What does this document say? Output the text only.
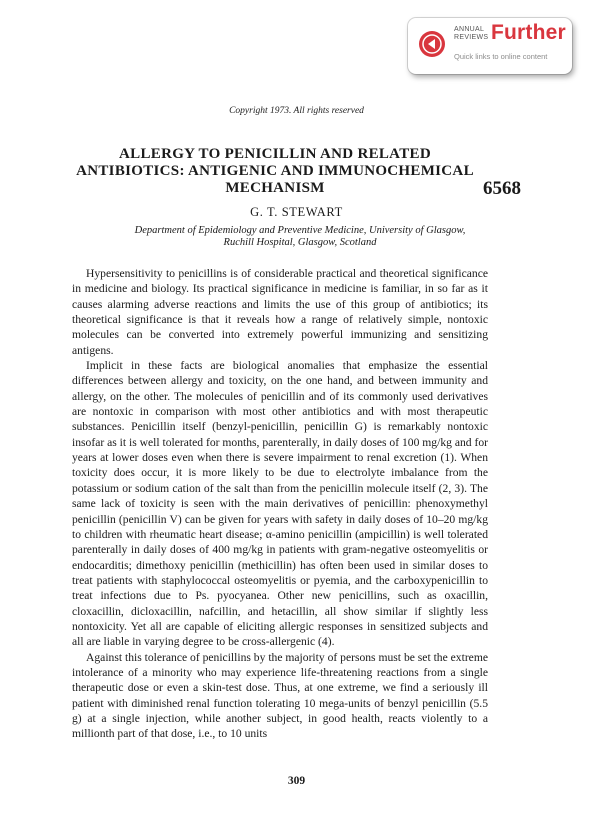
ANNUAL
REVIEWS Further
Quick links to online content
Copyright 1973. All rights reserved
ALLERGY TO PENICILLIN AND RELATED
ANTIBIOTICS: ANTIGENIC AND IMMUNOCHEMICAL
MECHANISM	6568
G. T. STEWART
Department of Epidemiology and Preventive Medicine, University of Glasgow,
Ruchill Hospital, Glasgow, Scotland

Hypersensitivity to penicillins is of considerable practical and theoretical significance in medicine and biology. Its practical significance in medicine is familiar, in so far as it causes alarming adverse reactions and limits the use of this group of antibiotics; its theoretical significance is that it reveals how a range of relatively simple, nontoxic molecules can be converted into extremely powerful immunizing and sensitizing antigens.

Implicit in these facts are biological anomalies that emphasize the essential differences between allergy and toxicity, on the one hand, and between immunity and allergy, on the other. The molecules of penicillin and of its commonly used derivatives are nontoxic in comparison with most other antibiotics and with most therapeutic substances. Penicillin itself (benzyl-penicillin, penicillin G) is remarkably nontoxic insofar as it is well tolerated for months, parenterally, in daily doses of 100 mg/kg and for years at lower doses even when there is severe impairment to renal excretion (1). When toxicity does occur, it is more likely to be due to electrolyte imbalance from the potassium or sodium cation of the salt than from the penicillin molecule itself (2, 3). The same lack of toxicity is seen with the main derivatives of penicillin: phenoxymethyl penicillin (penicillin V) can be given for years with safety in daily doses of 10–20 mg/kg to children with rheumatic heart disease; α-amino penicillin (ampicillin) is well tolerated parenterally in daily doses of 400 mg/kg in patients with gram-negative osteomyelitis or endocarditis; dimethoxy penicillin (methicillin) has often been used in similar doses to treat patients with staphylococcal osteomyelitis or pyemia, and the carboxypenicillin to treat infections due to Ps. pyocyanea. Other new penicillins, such as oxacillin, cloxacillin, dicloxacillin, nafcillin, and hetacillin, all show similar if slightly less nontoxicity. Yet all are capable of eliciting allergic responses in sensitized subjects and all are liable in varying degree to be cross-allergenic (4).

Against this tolerance of penicillins by the majority of persons must be set the extreme intolerance of a minority who may experience life-threatening reactions from a single therapeutic dose or even a skin-test dose. Thus, at one extreme, we find a seriously ill patient with diminished renal function tolerating 10 mega-units of benzyl penicillin (5.5 g) at a single injection, while another subject, in good health, reacts violently to a millionth part of that dose, i.e., to 10 units

309
